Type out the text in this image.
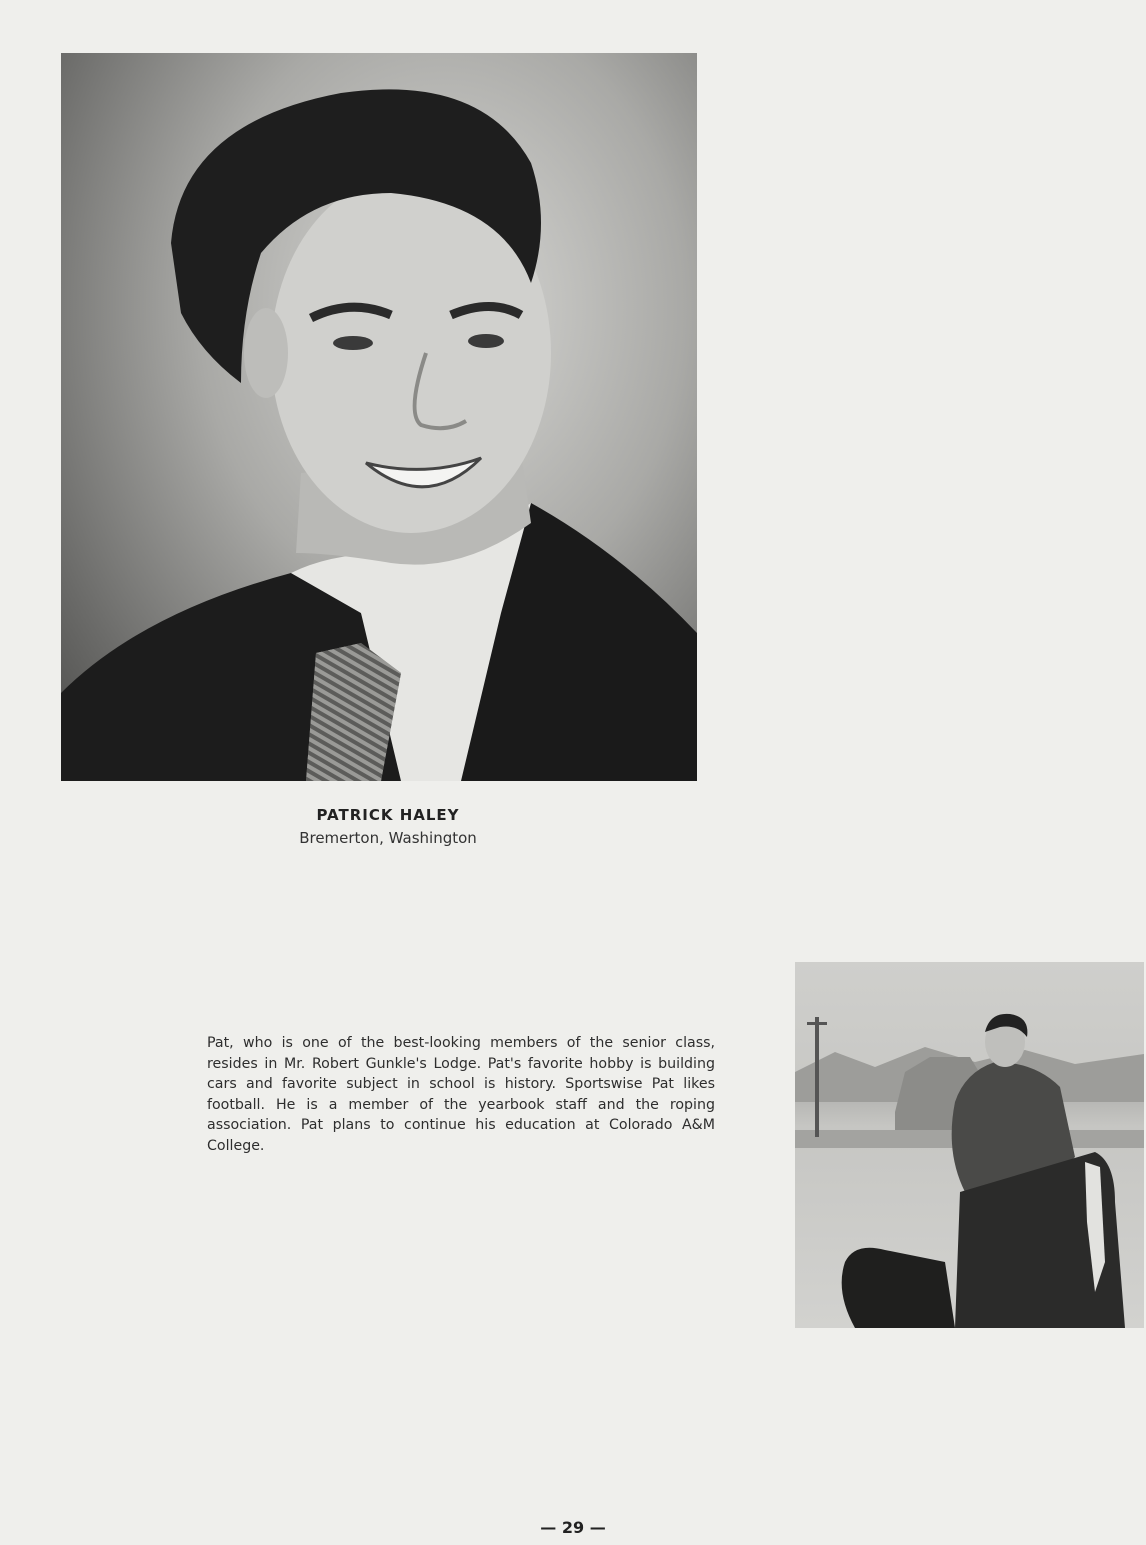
PATRICK HALEY
Bremerton, Washington

Pat, who is one of the best-looking members of the senior class, resides in Mr. Robert Gunkle's Lodge. Pat's favorite hobby is building cars and favorite subject in school is history. Sportswise Pat likes football. He is a member of the yearbook staff and the roping association. Pat plans to continue his education at Colorado A&M College.

— 29 —
